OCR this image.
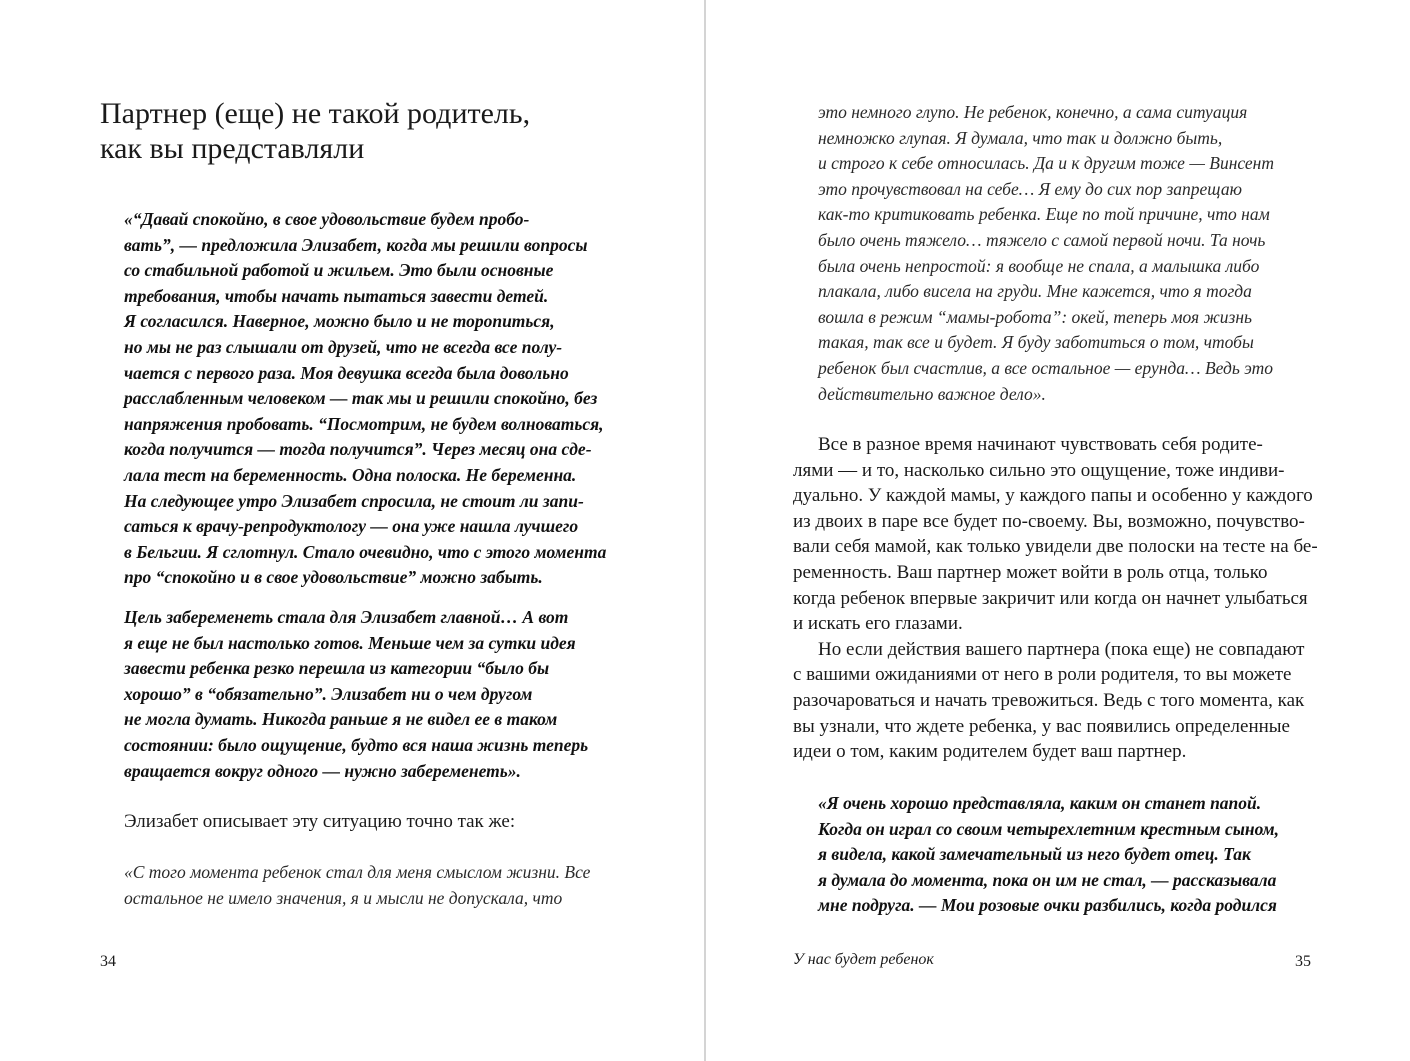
Партнер (еще) не такой родитель,
как вы представляли
«“Давай спокойно, в свое удовольствие будем пробо-
вать”, — предложила Элизабет, когда мы решили вопросы
со стабильной работой и жильем. Это были основные
требования, чтобы начать пытаться завести детей.
Я согласился. Наверное, можно было и не торопиться,
но мы не раз слышали от друзей, что не всегда все полу-
чается с первого раза. Моя девушка всегда была довольно
расслабленным человеком — так мы и решили спокойно, без
напряжения пробовать. “Посмотрим, не будем волноваться,
когда получится — тогда получится”. Через месяц она сде-
лала тест на беременность. Одна полоска. Не беременна.
На следующее утро Элизабет спросила, не стоит ли запи-
саться к врачу-репродуктологу — она уже нашла лучшего
в Бельгии. Я сглотнул. Стало очевидно, что с этого момента
про “спокойно и в свое удовольствие” можно забыть.
Цель забеременеть стала для Элизабет главной… А вот
я еще не был настолько готов. Меньше чем за сутки идея
завести ребенка резко перешла из категории “было бы
хорошо” в “обязательно”. Элизабет ни о чем другом
не могла думать. Никогда раньше я не видел ее в таком
состоянии: было ощущение, будто вся наша жизнь теперь
вращается вокруг одного — нужно забеременеть».
Элизабет описывает эту ситуацию точно так же:
«С того момента ребенок стал для меня смыслом жизни. Все
остальное не имело значения, я и мысли не допускала, что
34
это немного глупо. Не ребенок, конечно, а сама ситуация
немножко глупая. Я думала, что так и должно быть,
и строго к себе относилась. Да и к другим тоже — Винсент
это прочувствовал на себе… Я ему до сих пор запрещаю
как-то критиковать ребенка. Еще по той причине, что нам
было очень тяжело… тяжело с самой первой ночи. Та ночь
была очень непростой: я вообще не спала, а малышка либо
плакала, либо висела на груди. Мне кажется, что я тогда
вошла в режим “мамы-робота”: окей, теперь моя жизнь
такая, так все и будет. Я буду заботиться о том, чтобы
ребенок был счастлив, а все остальное — ерунда… Ведь это
действительно важное дело».
Все в разное время начинают чувствовать себя родите-
лями — и то, насколько сильно это ощущение, тоже индиви-
дуально. У каждой мамы, у каждого папы и особенно у каждого
из двоих в паре все будет по-своему. Вы, возможно, почувство-
вали себя мамой, как только увидели две полоски на тесте на бе-
ременность. Ваш партнер может войти в роль отца, только
когда ребенок впервые закричит или когда он начнет улыбаться
и искать его глазами.
Но если действия вашего партнера (пока еще) не совпадают
с вашими ожиданиями от него в роли родителя, то вы можете
разочароваться и начать тревожиться. Ведь с того момента, как
вы узнали, что ждете ребенка, у вас появились определенные
идеи о том, каким родителем будет ваш партнер.
«Я очень хорошо представляла, каким он станет папой.
Когда он играл со своим четырехлетним крестным сыном,
я видела, какой замечательный из него будет отец. Так
я думала до момента, пока он им не стал, — рассказывала
мне подруга. — Мои розовые очки разбились, когда родился
У нас будет ребенок	35
